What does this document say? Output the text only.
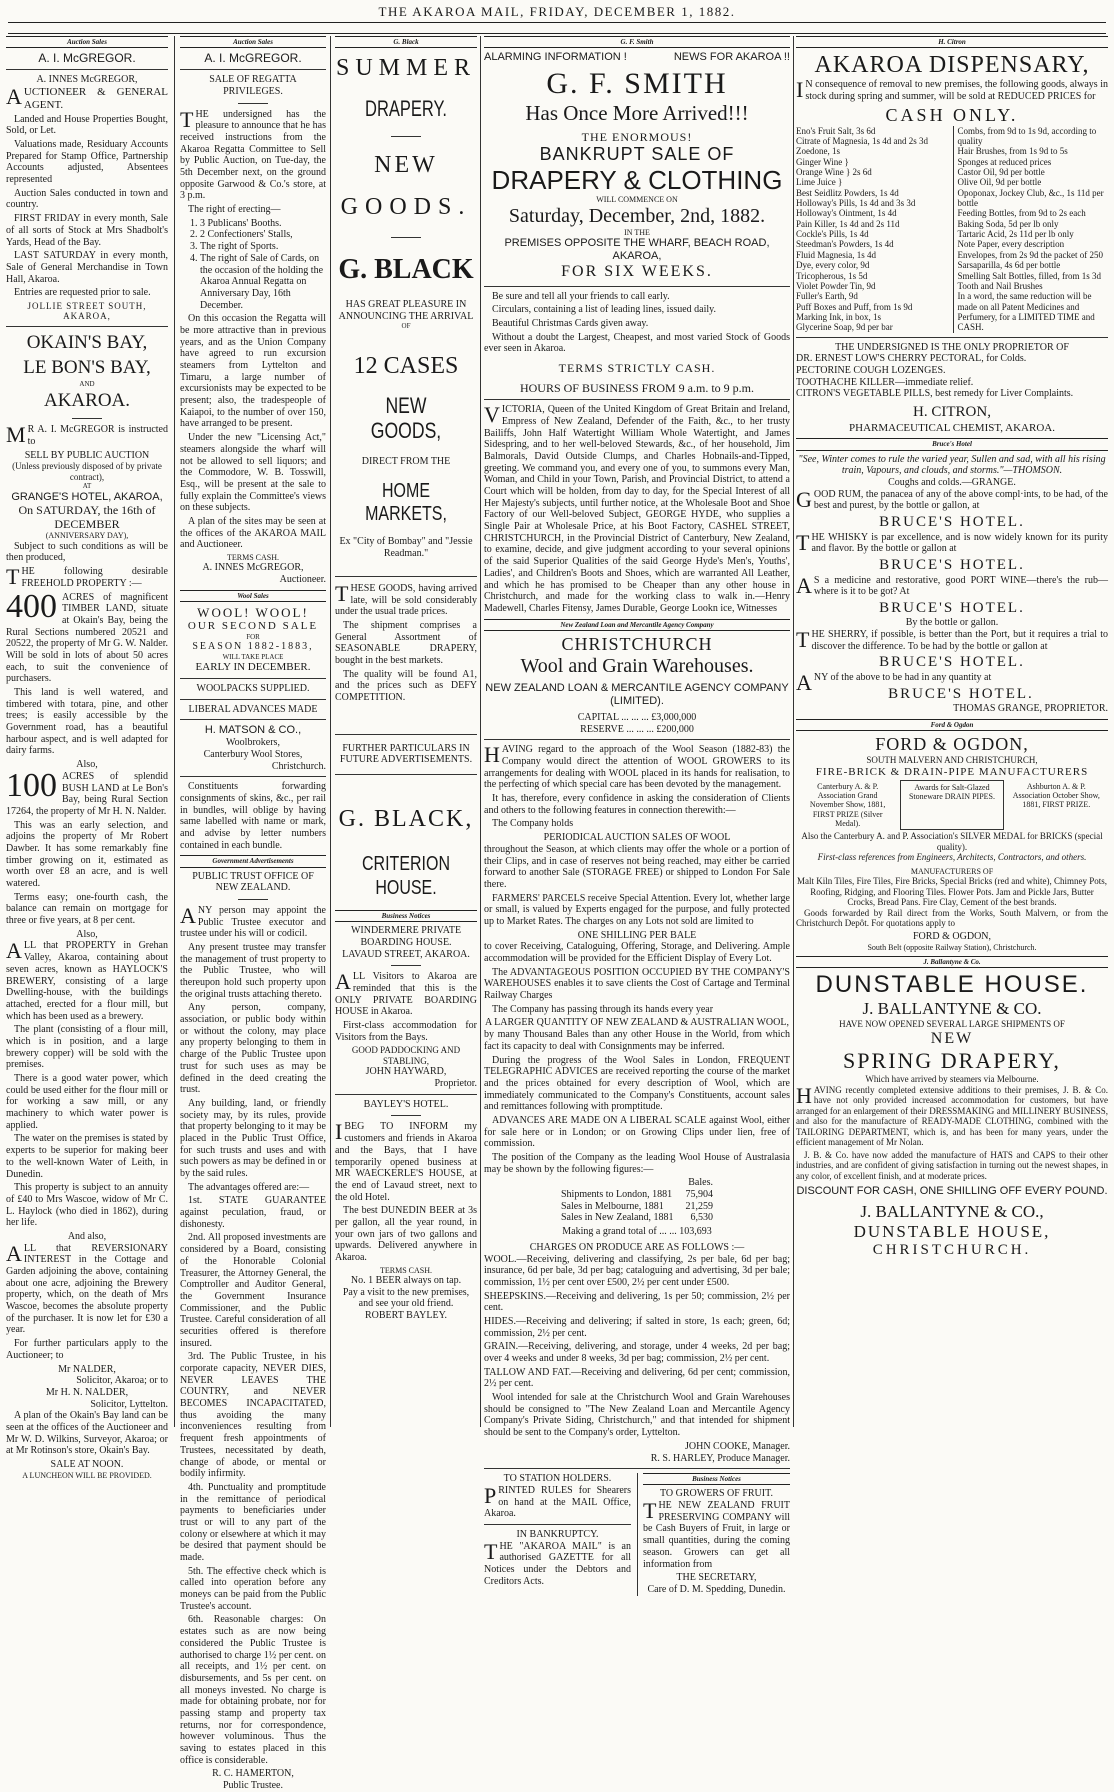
THE AKAROA MAIL, FRIDAY, DECEMBER 1, 1882.
Auction Sales
A. I. McGREGOR.
A. INNES McGREGOR,
AUCTIONEER & GENERAL AGENT.
Landed and House Properties Bought, Sold, or Let.
Valuations made, Residuary Accounts Prepared for Stamp Office, Partnership Accounts adjusted, Absentees represented
Auction Sales conducted in town and country.
FIRST FRIDAY in every month, Sale of all sorts of Stock at Mrs Shadbolt's Yards, Head of the Bay.
LAST SATURDAY in every month, Sale of General Merchandise in Town Hall, Akaroa.
Entries are requested prior to sale.
JOLLIE STREET SOUTH, AKAROA,
OKAIN'S BAY,
LE BON'S BAY,
AND
AKAROA.
MR A. I. McGREGOR is instructed to
SELL BY PUBLIC AUCTION
(Unless previously disposed of by private contract),
AT
GRANGE'S HOTEL, AKAROA,
On SATURDAY, the 16th of DECEMBER
(ANNIVERSARY DAY),
Subject to such conditions as will be then produced,
THE following desirable FREEHOLD PROPERTY :—
400 ACRES of magnificent TIMBER LAND, situate at Okain's Bay, being the Rural Sections numbered 20521 and 20522, the property of Mr G. W. Nalder. Will be sold in lots of about 50 acres each, to suit the convenience of purchasers.
This land is well watered, and timbered with totara, pine, and other trees; is easily accessible by the Government road, has a beautiful harbour aspect, and is well adapted for dairy farms.
Also,
100 ACRES of splendid BUSH LAND at Le Bon's Bay, being Rural Section 17264, the property of Mr H. N. Nalder.
This was an early selection, and adjoins the property of Mr Robert Dawber. It has some remarkably fine timber growing on it, estimated as worth over £8 an acre, and is well watered.
Terms easy; one-fourth cash, the balance can remain on mortgage for three or five years, at 8 per cent.
Also,
ALL that PROPERTY in Grehan Valley, Akaroa, containing about seven acres, known as HAYLOCK'S BREWERY, consisting of a large Dwelling-house, with the buildings attached, erected for a flour mill, but which has been used as a brewery.
The plant (consisting of a flour mill, which is in position, and a large brewery copper) will be sold with the premises.
There is a good water power, which could be used either for the flour mill or for working a saw mill, or any machinery to which water power is applied.
The water on the premises is stated by experts to be superior for making beer to the well-known Water of Leith, in Dunedin.
This property is subject to an annuity of £40 to Mrs Wascoe, widow of Mr C. L. Haylock (who died in 1862), during her life.
And also,
ALL that REVERSIONARY INTEREST in the Cottage and Garden adjoining the above, containing about one acre, adjoining the Brewery property, which, on the death of Mrs Wascoe, becomes the absolute property of the purchaser. It is now let for £30 a year.
For further particulars apply to the Auctioneer; to
Mr NALDER,
Solicitor, Akaroa; or to
Mr H. N. NALDER,
Solicitor, Lyttelton.
A plan of the Okain's Bay land can be seen at the offices of the Auctioneer and Mr W. D. Wilkins, Surveyor, Akaroa; or at Mr Rotinson's store, Okain's Bay.
SALE AT NOON.
A LUNCHEON WILL BE PROVIDED.
Auction Sales
A. I. McGREGOR.
SALE OF REGATTA PRIVILEGES.
THE undersigned has the pleasure to announce that he has received instructions from the Akaroa Regatta Committee to Sell by Public Auction, on Tue-day, the 5th December next, on the ground opposite Garwood & Co.'s store, at 3 p.m.
The right of erecting—
1. 3 Publicans' Booths.
2. 2 Confectioners' Stalls,
3. The right of Sports.
4. The right of Sale of Cards, on the occasion of the holding the Akaroa Annual Regatta on Anniversary Day, 16th December.
On this occasion the Regatta will be more attractive than in previous years, and as the Union Company have agreed to run excursion steamers from Lyttelton and Timaru, a large number of excursionists may be expected to be present; also, the tradespeople of Kaiapoi, to the number of over 150, have arranged to be present.
Under the new "Licensing Act," steamers alongside the wharf will not be allowed to sell liquors; and the Commodore, W. B. Tosswill, Esq., will be present at the sale to fully explain the Committee's views on these subjects.
A plan of the sites may be seen at the offices of the AKAROA MAIL and Auctioneer.
TERMS CASH.
A. INNES McGREGOR,
Auctioneer.
Wool Sales
WOOL! WOOL!
OUR SECOND SALE
FOR
SEASON 1882-1883,
WILL TAKE PLACE
EARLY IN DECEMBER.
WOOLPACKS SUPPLIED.
LIBERAL ADVANCES MADE
H. MATSON & CO.,
Woolbrokers,
Canterbury Wool Stores,
Christchurch.
Constituents forwarding consignments of skins, &c., per rail in bundles, will oblige by having same labelled with name or mark, and advise by letter numbers contained in each bundle.
Government Advertisements
PUBLIC TRUST OFFICE OF NEW ZEALAND.
ANY person may appoint the Public Trustee executor and trustee under his will or codicil.
Any present trustee may transfer the management of trust property to the Public Trustee, who will thereupon hold such property upon the original trusts attaching thereto.
Any person, company, association, or public body within or without the colony, may place any property belonging to them in charge of the Public Trustee upon trust for such uses as may be defined in the deed creating the trust.
Any building, land, or friendly society may, by its rules, provide that property belonging to it may be placed in the Public Trust Office, for such trusts and uses and with such powers as may be defined in or by the said rules.
The advantages offered are:—
1st. STATE GUARANTEE against peculation, fraud, or dishonesty.
2nd. All proposed investments are considered by a Board, consisting of the Honorable Colonial Treasurer, the Attorney General, the Comptroller and Auditor General, the Government Insurance Commissioner, and the Public Trustee. Careful consideration of all securities offered is therefore insured.
3rd. The Public Trustee, in his corporate capacity, NEVER DIES, NEVER LEAVES THE COUNTRY, and NEVER BECOMES INCAPACITATED, thus avoiding the many inconveniences resulting from frequent fresh appointments of Trustees, necessitated by death, change of abode, or mental or bodily infirmity.
4th. Punctuality and promptitude in the remittance of periodical payments to beneficiaries under trust or will to any part of the colony or elsewhere at which it may be desired that payment should be made.
5th. The effective check which is called into operation before any moneys can be paid from the Public Trustee's account.
6th. Reasonable charges: On estates such as are now being considered the Public Trustee is authorised to charge 1½ per cent. on all receipts, and 1½ per cent. on disbursements, and 5s per cent. on all moneys invested. No charge is made for obtaining probate, nor for passing stamp and property tax returns, nor for correspondence, however voluminous. Thus the saving to estates placed in this office is considerable.
R. C. HAMERTON,
Public Trustee.
G. Black
SUMMER
DRAPERY.
NEW
GOODS.
G. BLACK
HAS GREAT PLEASURE IN ANNOUNCING THE ARRIVAL
OF
12 CASES
NEW GOODS,
DIRECT FROM THE
HOME MARKETS,
Ex "City of Bombay" and "Jessie Readman."
THESE GOODS, having arrived late, will be sold considerably under the usual trade prices.
The shipment comprises a General Assortment of SEASONABLE DRAPERY, bought in the best markets.
The quality will be found A1, and the prices such as DEFY COMPETITION.
FURTHER PARTICULARS IN FUTURE ADVERTISEMENTS.
G. BLACK,
CRITERION HOUSE.
Business Notices
WINDERMERE PRIVATE BOARDING HOUSE.
LAVAUD STREET, AKAROA.
ALL Visitors to Akaroa are reminded that this is the ONLY PRIVATE BOARDING HOUSE in Akaroa.
First-class accommodation for Visitors from the Bays.
GOOD PADDOCKING AND STABLING,
JOHN HAYWARD,
Proprietor.
BAYLEY'S HOTEL.
IBEG TO INFORM my customers and friends in Akaroa and the Bays, that I have temporarily opened business at MR WAECKERLE'S HOUSE, at the end of Lavaud street, next to the old Hotel.
The best DUNEDIN BEER at 3s per gallon, all the year round, in your own jars of two gallons and upwards. Delivered anywhere in Akaroa.
TERMS CASH.
No. 1 BEER always on tap.
Pay a visit to the new premises, and see your old friend.
ROBERT BAYLEY.
G. F. Smith
ALARMING INFORMATION !	NEWS FOR AKAROA !!
G. F. SMITH
Has Once More Arrived!!!
THE ENORMOUS!
BANKRUPT SALE OF
DRAPERY & CLOTHING
WILL COMMENCE ON
Saturday, December, 2nd, 1882.
IN THE
PREMISES OPPOSITE THE WHARF, BEACH ROAD, AKAROA,
FOR SIX WEEKS.
Be sure and tell all your friends to call early.
Circulars, containing a list of leading lines, issued daily.
Beautiful Christmas Cards given away.
Without a doubt the Largest, Cheapest, and most varied Stock of Goods ever seen in Akaroa.
TERMS STRICTLY CASH.
HOURS OF BUSINESS FROM 9 a.m. to 9 p.m.
VICTORIA, Queen of the United Kingdom of Great Britain and Ireland, Empress of New Zealand, Defender of the Faith, &c., to her trusty Bailiffs, John Half Watertight William Whole Watertight, and James Sidespring, and to her well-beloved Stewards, &c., of her household, Jim Balmorals, David Outside Clumps, and Charles Hobnails-and-Tipped, greeting. We command you, and every one of you, to summons every Man, Woman, and Child in your Town, Parish, and Provincial District, to attend a Court which will be holden, from day to day, for the Special Interest of all Her Majesty's subjects, until further notice, at the Wholesale Boot and Shoe Factory of our Well-beloved Subject, GEORGE HYDE, who supplies a Single Pair at Wholesale Price, at his Boot Factory, CASHEL STREET, CHRISTCHURCH, in the Provincial District of Canterbury, New Zealand, to examine, decide, and give judgment according to your several opinions of the said Superior Qualities of the said George Hyde's Men's, Youths', Ladies', and Children's Boots and Shoes, which are warranted All Leather, and which he has promised to be Cheaper than any other house in Christchurch, and made for the working class to walk in.—Henry Madewell, Charles Fitensy, James Durable, George Lookn ice, Witnesses
New Zealand Loan and Mercantile Agency Company
CHRISTCHURCH
Wool and Grain Warehouses.
NEW ZEALAND LOAN & MERCANTILE AGENCY COMPANY (LIMITED).
CAPITAL ... ... ... £3,000,000
RESERVE ... ... ... £200,000
HAVING regard to the approach of the Wool Season (1882-83) the Company would direct the attention of WOOL GROWERS to its arrangements for dealing with WOOL placed in its hands for realisation, to the perfecting of which special care has been devoted by the management.
It has, therefore, every confidence in asking the consideration of Clients and others to the following features in connection therewith:—
The Company holds
PERIODICAL AUCTION SALES OF WOOL
throughout the Season, at which clients may offer the whole or a portion of their Clips, and in case of reserves not being reached, may either be carried forward to another Sale (STORAGE FREE) or shipped to London For Sale there.
FARMERS' PARCELS receive Special Attention. Every lot, whether large or small, is valued by Experts engaged for the purpose, and fully protected up to Market Rates. The charges on any Lots not sold are limited to
ONE SHILLING PER BALE
to cover Receiving, Cataloguing, Offering, Storage, and Delivering. Ample accommodation will be provided for the Efficient Display of Every Lot.
The ADVANTAGEOUS POSITION OCCUPIED BY THE COMPANY'S WAREHOUSES enables it to save clients the Cost of Cartage and Terminal Railway Charges
The Company has passing through its hands every year
A LARGER QUANTITY OF NEW ZEALAND & AUSTRALIAN WOOL,
by many Thousand Bales than any other House in the World, from which fact its capacity to deal with Consignments may be inferred.
During the progress of the Wool Sales in London, FREQUENT TELEGRAPHIC ADVICES are received reporting the course of the market and the prices obtained for every description of Wool, which are immediately communicated to the Company's Constituents, account sales and remittances following with promptitude.
ADVANCES ARE MADE ON A LIBERAL SCALE against Wool, either for sale here or in London; or on Growing Clips under lien, free of commission.
The position of the Company as the leading Wool House of Australasia may be shown by the following figures:—
	Bales.
Shipments to London, 1881	75,904
Sales in Melbourne, 1881	21,259
Sales in New Zealand, 1881	6,530
Making a grand total of ... ... 103,693
CHARGES ON PRODUCE ARE AS FOLLOWS :—
WOOL.—Receiving, delivering and classifying, 2s per bale, 6d per bag; insurance, 6d per bale, 3d per bag; cataloguing and advertising, 3d per bale; commission, 1½ per cent over £500, 2½ per cent under £500.
SHEEPSKINS.—Receiving and delivering, 1s per 50; commission, 2½ per cent.
HIDES.—Receiving and delivering; if salted in store, 1s each; green, 6d; commission, 2½ per cent.
GRAIN.—Receiving, delivering, and storage, under 4 weeks, 2d per bag; over 4 weeks and under 8 weeks, 3d per bag; commission, 2½ per cent.
TALLOW AND FAT.—Receiving and delivering, 6d per cent; commission, 2½ per cent.
Wool intended for sale at the Christchurch Wool and Grain Warehouses should be consigned to "The New Zealand Loan and Mercantile Agency Company's Private Siding, Christchurch," and that intended for shipment should be sent to the Company's order, Lyttelton.
JOHN COOKE, Manager.
R. S. HARLEY, Produce Manager.
TO STATION HOLDERS.
PRINTED RULES for Shearers on hand at the MAIL Office, Akaroa.
IN BANKRUPTCY.
THE "AKAROA MAIL" is an authorised GAZETTE for all Notices under the Debtors and Creditors Acts.
Business Notices
TO GROWERS OF FRUIT.
THE NEW ZEALAND FRUIT PRESERVING COMPANY will be Cash Buyers of Fruit, in large or small quantities, during the coming season. Growers can get all information from
THE SECRETARY,
Care of D. M. Spedding, Dunedin.
H. Citron
AKAROA DISPENSARY,
IN consequence of removal to new premises, the following goods, always in stock during spring and summer, will be sold at REDUCED PRICES for
CASH ONLY.
Eno's Fruit Salt, 3s 6d
Citrate of Magnesia, 1s 4d and 2s 3d
Zoedone, 1s
Ginger Wine }
Orange Wine } 2s 6d
Lime Juice }
Best Seidlitz Powders, 1s 4d
Holloway's Pills, 1s 4d and 3s 3d
Holloway's Ointment, 1s 4d
Pain Killer, 1s 4d and 2s 11d
Cockle's Pills, 1s 4d
Steedman's Powders, 1s 4d
Fluid Magnesia, 1s 4d
Dye, every color, 9d
Tricopherous, 1s 5d
Violet Powder Tin, 9d
Fuller's Earth, 9d
Puff Boxes and Puff, from 1s 9d
Marking Ink, in box, 1s
Glycerine Soap, 9d per bar
Combs, from 9d to 1s 9d, according to quality
Hair Brushes, from 1s 9d to 5s
Sponges at reduced prices
Castor Oil, 9d per bottle
Olive Oil, 9d per bottle
Opoponax, Jockey Club, &c., 1s 11d per bottle
Feeding Bottles, from 9d to 2s each
Baking Soda, 5d per lb only
Tartaric Acid, 2s 11d per lb only
Note Paper, every description
Envelopes, from 2s 9d the packet of 250
Sarsaparilla, 4s 6d per bottle
Smelling Salt Bottles, filled, from 1s 3d
Tooth and Nail Brushes
In a word, the same reduction will be made on all Patent Medicines and Perfumery, for a LIMITED TIME and CASH.
THE UNDERSIGNED IS THE ONLY PROPRIETOR OF
DR. ERNEST LOW'S CHERRY PECTORAL, for Colds.
PECTORINE COUGH LOZENGES.
TOOTHACHE KILLER—immediate relief.
CITRON'S VEGETABLE PILLS, best remedy for Liver Complaints.
H. CITRON,
PHARMACEUTICAL CHEMIST, AKAROA.
Bruce's Hotel
"See, Winter comes to rule the varied year, Sullen and sad, with all his rising train, Vapours, and clouds, and storms."—THOMSON.
Coughs and colds.—GRANGE.
GOOD RUM, the panacea of any of the above compl·ints, to be had, of the best and purest, by the bottle or gallon, at
BRUCE'S HOTEL.
THE WHISKY is par excellence, and is now widely known for its purity and flavor. By the bottle or gallon at
BRUCE'S HOTEL.
AS a medicine and restorative, good PORT WINE—there's the rub—where is it to be got? At
BRUCE'S HOTEL.
By the bottle or gallon.
THE SHERRY, if possible, is better than the Port, but it requires a trial to discover the difference. To be had by the bottle or gallon at
BRUCE'S HOTEL.
ANY of the above to be had in any quantity at
BRUCE'S HOTEL.
THOMAS GRANGE, PROPRIETOR.
Ford & Ogdon
FORD & OGDON,
SOUTH MALVERN AND CHRISTCHURCH,
FIRE-BRICK & DRAIN-PIPE MANUFACTURERS
Canterbury A. & P. Association Grand November Show, 1881, FIRST PRIZE (Silver Medal).
Awards for Salt-Glazed Stoneware DRAIN PIPES.
Ashburton A. & P. Association October Show, 1881, FIRST PRIZE.
Also the Canterbury A. and P. Association's SILVER MEDAL for BRICKS (special quality).
First-class references from Engineers, Architects, Contractors, and others.
MANUFACTURERS OF
Malt Kiln Tiles, Fire Tiles, Fire Bricks, Special Bricks (red and white), Chimney Pots, Roofing, Ridging, and Flooring Tiles. Flower Pots. Jam and Pickle Jars, Butter Crocks, Bread Pans. Fire Clay, Cement of the best brands.
Goods forwarded by Rail direct from the Works, South Malvern, or from the Christchurch Depôt. For quotations apply to
FORD & OGDON,
South Belt (opposite Railway Station), Christchurch.
J. Ballantyne & Co.
DUNSTABLE HOUSE.
J. BALLANTYNE & CO.
HAVE NOW OPENED SEVERAL LARGE SHIPMENTS OF
NEW
SPRING DRAPERY,
Which have arrived by steamers via Melbourne.
HAVING recently completed extensive additions to their premises, J. B. & Co. have not only provided increased accommodation for customers, but have arranged for an enlargement of their DRESSMAKING and MILLINERY BUSINESS, and also for the manufacture of READY-MADE CLOTHING, combined with the TAILORING DEPARTMENT, which is, and has been for many years, under the efficient management of Mr Nolan.
J. B. & Co. have now added the manufacture of HATS and CAPS to their other industries, and are confident of giving satisfaction in turning out the newest shapes, in any color, of excellent finish, and at moderate prices.
DISCOUNT FOR CASH, ONE SHILLING OFF EVERY POUND.
J. BALLANTYNE & CO.,
DUNSTABLE HOUSE,
CHRISTCHURCH.
